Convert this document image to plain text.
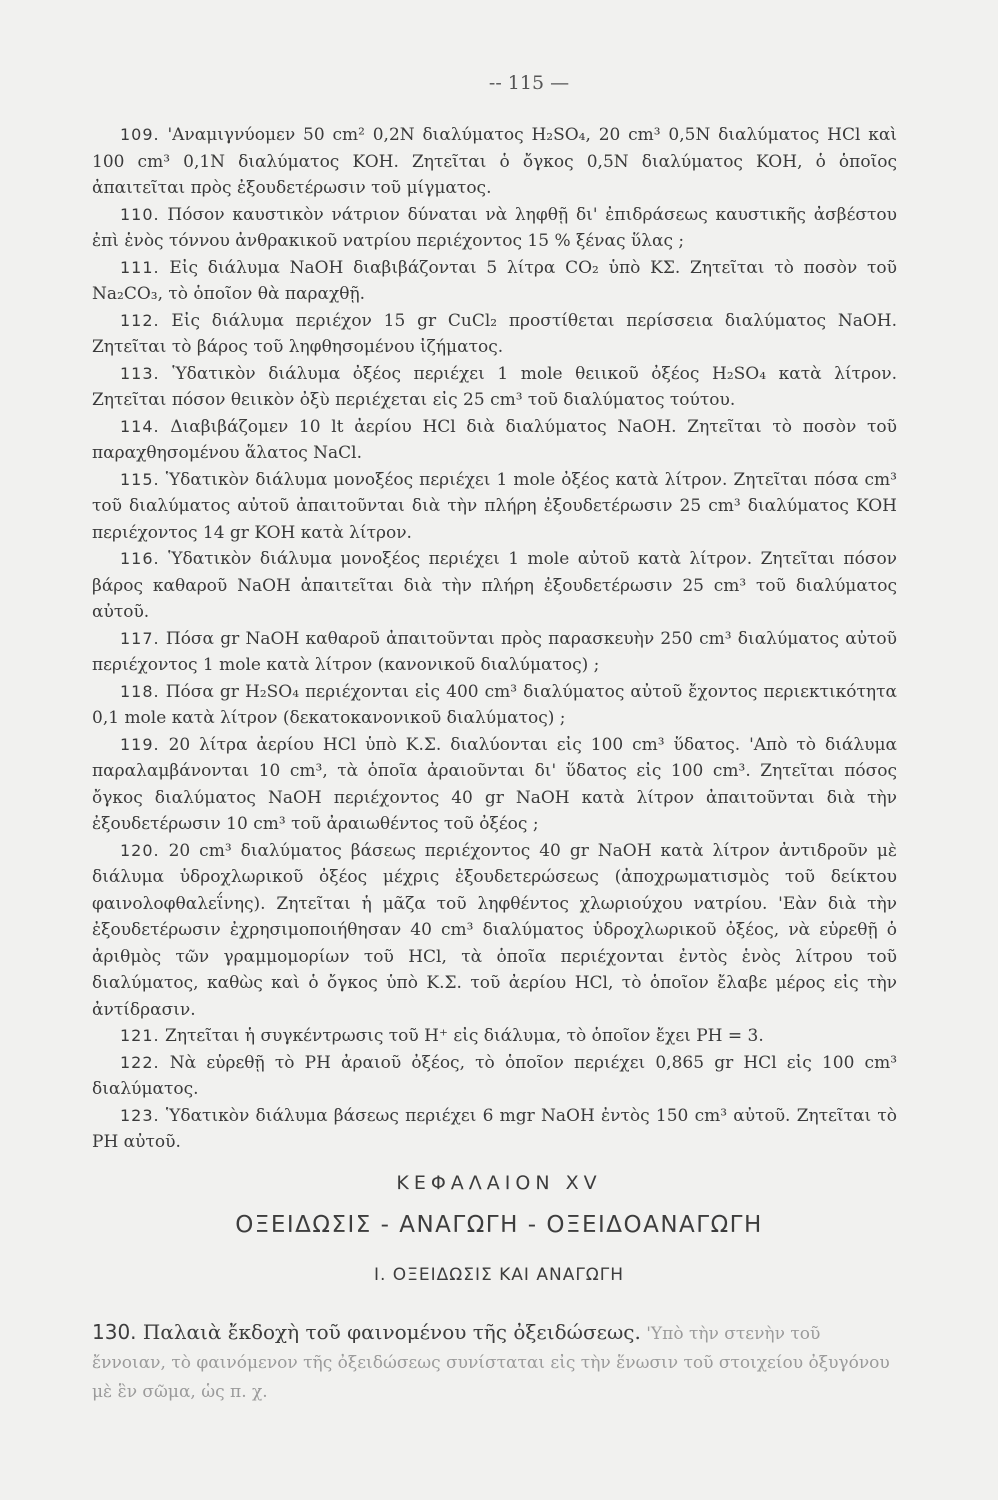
-- 115 —

109. 'Αναμιγνύομεν 50 cm² 0,2N διαλύματος H₂SO₄, 20 cm³ 0,5N διαλύματος HCl καὶ 100 cm³ 0,1N διαλύματος KOH. Ζητεῖται ὁ ὄγκος 0,5N διαλύματος KOH, ὁ ὁποῖος ἀπαιτεῖται πρὸς ἐξουδετέρωσιν τοῦ μίγματος.

110. Πόσον καυστικὸν νάτριον δύναται νὰ ληφθῇ δι' ἐπιδράσεως καυστικῆς ἀσβέστου ἐπὶ ἑνὸς τόννου ἀνθρακικοῦ νατρίου περιέχοντος 15 % ξένας ὕλας ;

111. Εἰς διάλυμα NaOH διαβιβάζονται 5 λίτρα CO₂ ὑπὸ ΚΣ. Ζητεῖται τὸ ποσὸν τοῦ Na₂CO₃, τὸ ὁποῖον θὰ παραχθῇ.

112. Εἰς διάλυμα περιέχον 15 gr CuCl₂ προστίθεται περίσσεια διαλύματος NaOH. Ζητεῖται τὸ βάρος τοῦ ληφθησομένου ἰζήματος.

113. Ὑδατικὸν διάλυμα ὀξέος περιέχει 1 mole θειικοῦ ὀξέος H₂SO₄ κατὰ λίτρον. Ζητεῖται πόσον θειικὸν ὀξὺ περιέχεται εἰς 25 cm³ τοῦ διαλύματος τούτου.

114. Διαβιβάζομεν 10 lt ἀερίου HCl διὰ διαλύματος NaOH. Ζητεῖται τὸ ποσὸν τοῦ παραχθησομένου ἅλατος NaCl.

115. Ὑδατικὸν διάλυμα μονοξέος περιέχει 1 mole ὀξέος κατὰ λίτρον. Ζητεῖται πόσα cm³ τοῦ διαλύματος αὐτοῦ ἀπαιτοῦνται διὰ τὴν πλήρη ἐξουδετέρωσιν 25 cm³ διαλύματος KOH περιέχοντος 14 gr KOH κατὰ λίτρον.

116. Ὑδατικὸν διάλυμα μονοξέος περιέχει 1 mole αὐτοῦ κατὰ λίτρον. Ζητεῖται πόσον βάρος καθαροῦ NaOH ἀπαιτεῖται διὰ τὴν πλήρη ἐξουδετέρωσιν 25 cm³ τοῦ διαλύματος αὐτοῦ.

117. Πόσα gr NaOH καθαροῦ ἀπαιτοῦνται πρὸς παρασκευὴν 250 cm³ διαλύματος αὐτοῦ περιέχοντος 1 mole κατὰ λίτρον (κανονικοῦ διαλύματος) ;

118. Πόσα gr H₂SO₄ περιέχονται εἰς 400 cm³ διαλύματος αὐτοῦ ἔχοντος περιεκτικότητα 0,1 mole κατὰ λίτρον (δεκατοκανονικοῦ διαλύματος) ;

119. 20 λίτρα ἀερίου HCl ὑπὸ Κ.Σ. διαλύονται εἰς 100 cm³ ὕδατος. 'Απὸ τὸ διάλυμα παραλαμβάνονται 10 cm³, τὰ ὁποῖα ἀραιοῦνται δι' ὕδατος εἰς 100 cm³. Ζητεῖται πόσος ὄγκος διαλύματος NaOH περιέχοντος 40 gr NaOH κατὰ λίτρον ἀπαιτοῦνται διὰ τὴν ἐξουδετέρωσιν 10 cm³ τοῦ ἀραιωθέντος τοῦ ὀξέος ;

120. 20 cm³ διαλύματος βάσεως περιέχοντος 40 gr NaOH κατὰ λίτρον ἀντιδροῦν μὲ διάλυμα ὑδροχλωρικοῦ ὀξέος μέχρις ἐξουδετερώσεως (ἀποχρωματισμὸς τοῦ δείκτου φαινολοφθαλεΐνης). Ζητεῖται ἡ μᾶζα τοῦ ληφθέντος χλωριούχου νατρίου. 'Εὰν διὰ τὴν ἐξουδετέρωσιν ἐχρησιμοποιήθησαν 40 cm³ διαλύματος ὑδροχλωρικοῦ ὀξέος, νὰ εὑρεθῇ ὁ ἀριθμὸς τῶν γραμμομορίων τοῦ HCl, τὰ ὁποῖα περιέχονται ἐντὸς ἑνὸς λίτρου τοῦ διαλύματος, καθὼς καὶ ὁ ὄγκος ὑπὸ Κ.Σ. τοῦ ἀερίου HCl, τὸ ὁποῖον ἔλαβε μέρος εἰς τὴν ἀντίδρασιν.

121. Ζητεῖται ἡ συγκέντρωσις τοῦ H⁺ εἰς διάλυμα, τὸ ὁποῖον ἔχει PH = 3.

122. Νὰ εὑρεθῇ τὸ PH ἀραιοῦ ὀξέος, τὸ ὁποῖον περιέχει 0,865 gr HCl εἰς 100 cm³ διαλύματος.

123. Ὑδατικὸν διάλυμα βάσεως περιέχει 6 mgr NaOH ἐντὸς 150 cm³ αὐτοῦ. Ζητεῖται τὸ PH αὐτοῦ.

ΚΕΦΑΛΑΙΟΝ XV
ΟΞΕΙΔΩΣΙΣ - ΑΝΑΓΩΓΗ - ΟΞΕΙΔΟΑΝΑΓΩΓΗ
Ι. ΟΞΕΙΔΩΣΙΣ ΚΑΙ ΑΝΑΓΩΓΗ
130. Παλαιὰ ἔκδοχὴ τοῦ φαινομένου τῆς ὀξειδώσεως. 'Υπὸ τὴν στενὴν τοῦ ἔννοιαν, τὸ φαινόμενον τῆς ὀξειδώσεως συνίσταται εἰς τὴν ἕνωσιν τοῦ στοιχείου ὀξυγόνου μὲ ἓν σῶμα, ὡς π. χ.
